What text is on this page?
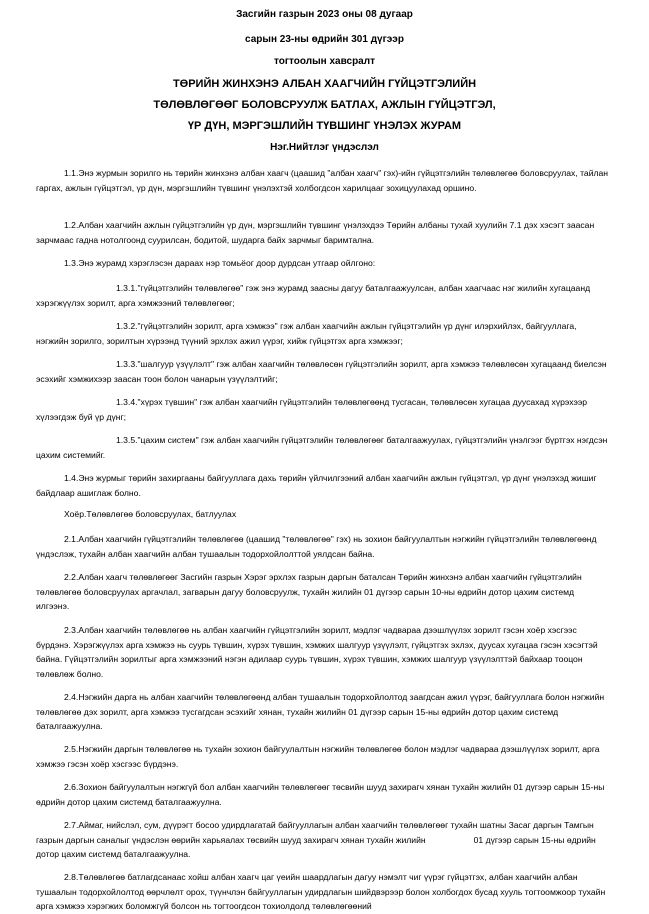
Засгийн газрын 2023 оны 08 дугаар
сарын 23-ны өдрийн 301 дүгээр
тогтоолын хавсралт
ТӨРИЙН ЖИНХЭНЭ АЛБАН ХААГЧИЙН ГҮЙЦЭТГЭЛИЙН
ТӨЛӨВЛӨГӨӨГ БОЛОВСРУУЛЖ БАТЛАХ, АЖЛЫН ГҮЙЦЭТГЭЛ,
ҮР ДҮН, МЭРГЭШЛИЙН ТҮВШИНГ ҮНЭЛЭХ ЖУРАМ
Нэг.Нийтлэг үндэслэл

1.1.Энэ журмын зорилго нь төрийн жинхэнэ албан хаагч (цаашид "албан хаагч" гэх)-ийн гүйцэтгэлийн төлөвлөгөө боловсруулах, тайлан гаргах, ажлын гүйцэтгэл, үр дүн, мэргэшлийн түвшинг үнэлэхтэй холбогдсон харилцааг зохицуулахад оршино.

1.2.Албан хаагчийн ажлын гүйцэтгэлийн үр дүн, мэргэшлийн түвшинг үнэлэхдээ Төрийн албаны тухай хуулийн 7.1 дэх хэсэгт заасан зарчмаас гадна нотолгоонд суурилсан, бодитой, шударга байх зарчмыг баримтална.

1.3.Энэ журамд хэрэглэсэн дараах нэр томьёог доор дурдсан утгаар ойлгоно:

1.3.1."гүйцэтгэлийн төлөвлөгөө" гэж энэ журамд заасны дагуу баталгаажуулсан, албан хаагчаас нэг жилийн хугацаанд хэрэгжүүлэх зорилт, арга хэмжээний төлөвлөгөөг;

1.3.2."гүйцэтгэлийн зорилт, арга хэмжээ" гэж албан хаагчийн ажлын гүйцэтгэлийн үр дүнг илэрхийлэх, байгууллага, нэгжийн зорилго, зорилтын хүрээнд түүний эрхлэх ажил үүрэг, хийж гүйцэтгэх арга хэмжээг;

1.3.3."шалгуур үзүүлэлт" гэж албан хаагчийн төлөвлөсөн гүйцэтгэлийн зорилт, арга хэмжээ төлөвлөсөн хугацаанд биелсэн эсэхийг хэмжихээр заасан тоон болон чанарын үзүүлэлтийг;

1.3.4."хүрэх түвшин" гэж албан хаагчийн гүйцэтгэлийн төлөвлөгөөнд тусгасан, төлөвлөсөн хугацаа дуусахад хүрэхээр хүлээгдэж буй үр дүнг;

1.3.5."цахим систем" гэж албан хаагчийн гүйцэтгэлийн төлөвлөгөөг баталгаажуулах, гүйцэтгэлийн үнэлгээг бүртгэх нэгдсэн цахим системийг.

1.4.Энэ журмыг төрийн захиргааны байгууллага дахь төрийн үйлчилгээний албан хаагчийн ажлын гүйцэтгэл, үр дүнг үнэлэхэд жишиг байдлаар ашиглаж болно.

Хоёр.Төлөвлөгөө боловсруулах, батлуулах

2.1.Албан хаагчийн гүйцэтгэлийн төлөвлөгөө (цаашид "төлөвлөгөө" гэх) нь зохион байгуулалтын нэгжийн гүйцэтгэлийн төлөвлөгөөнд үндэслэж, тухайн албан хаагчийн албан тушаалын тодорхойлолттой уялдсан байна.

2.2.Албан хаагч төлөвлөгөөг Засгийн газрын Хэрэг эрхлэх газрын даргын баталсан Төрийн жинхэнэ албан хаагчийн гүйцэтгэлийн төлөвлөгөө боловсруулах аргачлал, загварын дагуу боловсруулж, тухайн жилийн 01 дүгээр сарын 10-ны өдрийн дотор цахим системд илгээнэ.

2.3.Албан хаагчийн төлөвлөгөө нь албан хаагчийн гүйцэтгэлийн зорилт, мэдлэг чадвараа дээшлүүлэх зорилт гэсэн хоёр хэсгээс бүрдэнэ. Хэрэгжүүлэх арга хэмжээ нь суурь түвшин, хүрэх түвшин, хэмжих шалгуур үзүүлэлт, гүйцэтгэх эхлэх, дуусах хугацаа гэсэн хэсэгтэй байна. Гүйцэтгэлийн зорилтыг арга хэмжээний нэгэн адилаар суурь түвшин, хүрэх түвшин, хэмжих шалгуур үзүүлэлттэй байхаар тооцон төлөвлөж болно.

2.4.Нэгжийн дарга нь албан хаагчийн төлөвлөгөөнд албан тушаалын тодорхойлолтод заагдсан ажил үүрэг, байгууллага болон нэгжийн төлөвлөгөө дэх зорилт, арга хэмжээ тусгагдсан эсэхийг хянан, тухайн жилийн 01 дүгээр сарын 15-ны өдрийн дотор цахим системд баталгаажуулна.

2.5.Нэгжийн даргын төлөвлөгөө нь тухайн зохион байгуулалтын нэгжийн төлөвлөгөө болон мэдлэг чадвараа дээшлүүлэх зорилт, арга хэмжээ гэсэн хоёр хэсгээс бүрдэнэ.

2.6.Зохион байгуулалтын нэгжгүй бол албан хаагчийн төлөвлөгөөг төсвийн шууд захирагч хянан тухайн жилийн 01 дүгээр сарын 15-ны өдрийн дотор цахим системд баталгаажуулна.

2.7.Аймаг, нийслэл, сум, дүүрэгт босоо удирдлагатай байгууллагын албан хаагчийн төлөвлөгөөг тухайн шатны Засаг даргын Тамгын газрын даргын саналыг үндэслэн өөрийн харьяалах төсвийн шууд захирагч хянан тухайн жилийн	01 дүгээр сарын 15-ны өдрийн дотор цахим системд баталгаажуулна.

2.8.Төлөвлөгөө батлагдсанаас хойш албан хаагч цаг үеийн шаардлагын дагуу нэмэлт чиг үүрэг гүйцэтгэх, албан хаагчийн албан тушаалын тодорхойлолтод өөрчлөлт орох, түүнчлэн байгууллагын удирдлагын шийдвэрээр болон холбогдох бусад хууль тогтоомжоор тухайн арга хэмжээ хэрэгжих боломжгүй болсон нь тогтоогдсон тохиолдолд төлөвлөгөөний
